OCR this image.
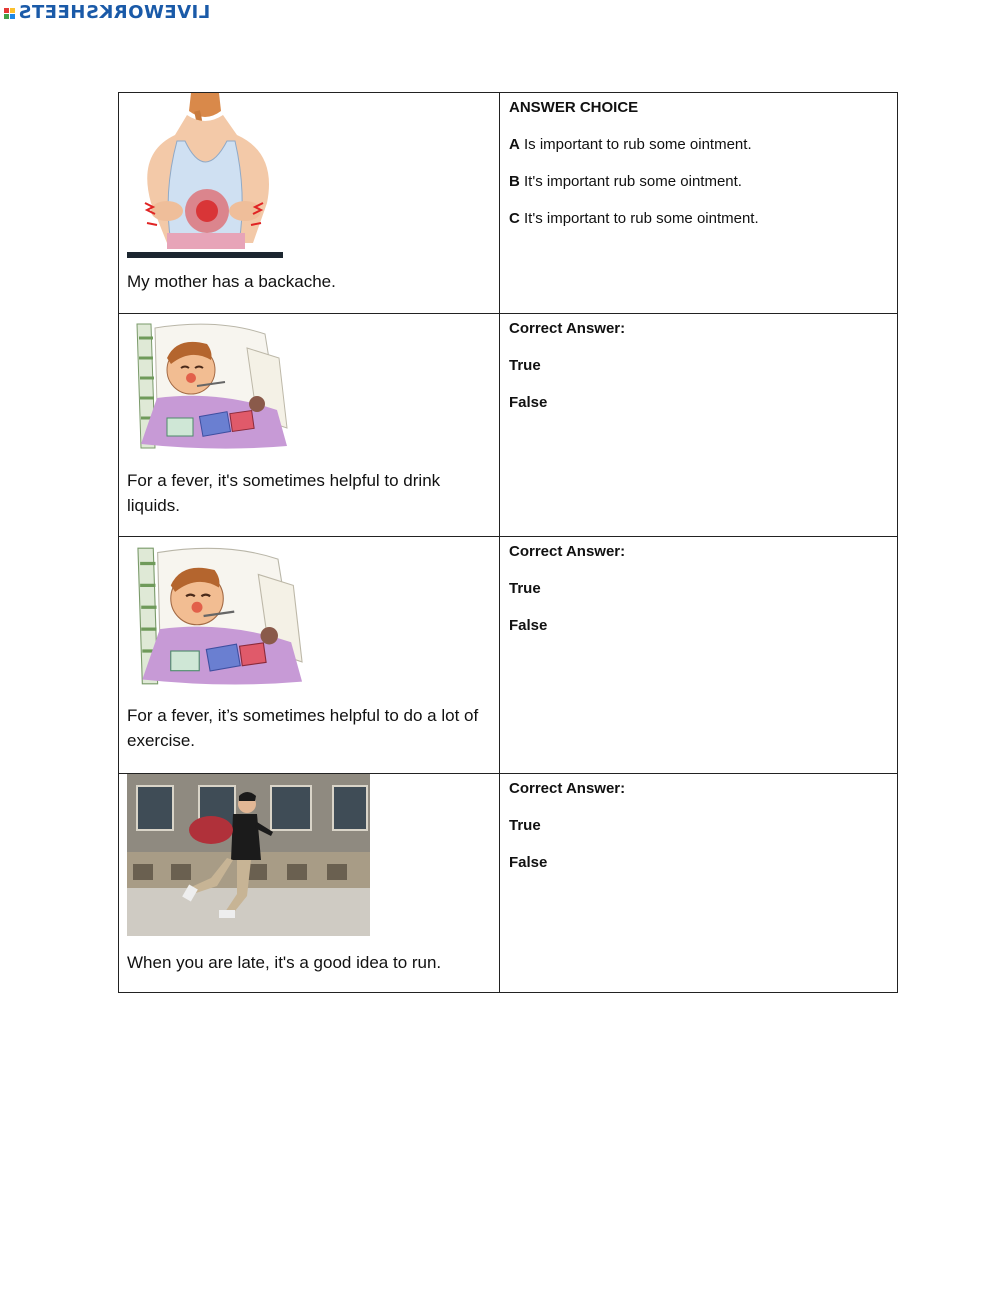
LIVEWORKSHEETS

My mother has a backache.	ANSWER CHOICE

A Is important to rub some ointment.

B It's important rub some ointment.

C It's important to rub some ointment.

For a fever, it's sometimes helpful to drink liquids.	Correct Answer:

True

False

For a fever, it’s sometimes helpful to do a lot of exercise.	Correct Answer:

True

False

When you are late, it's a good idea to run.	Correct Answer:

True

False
